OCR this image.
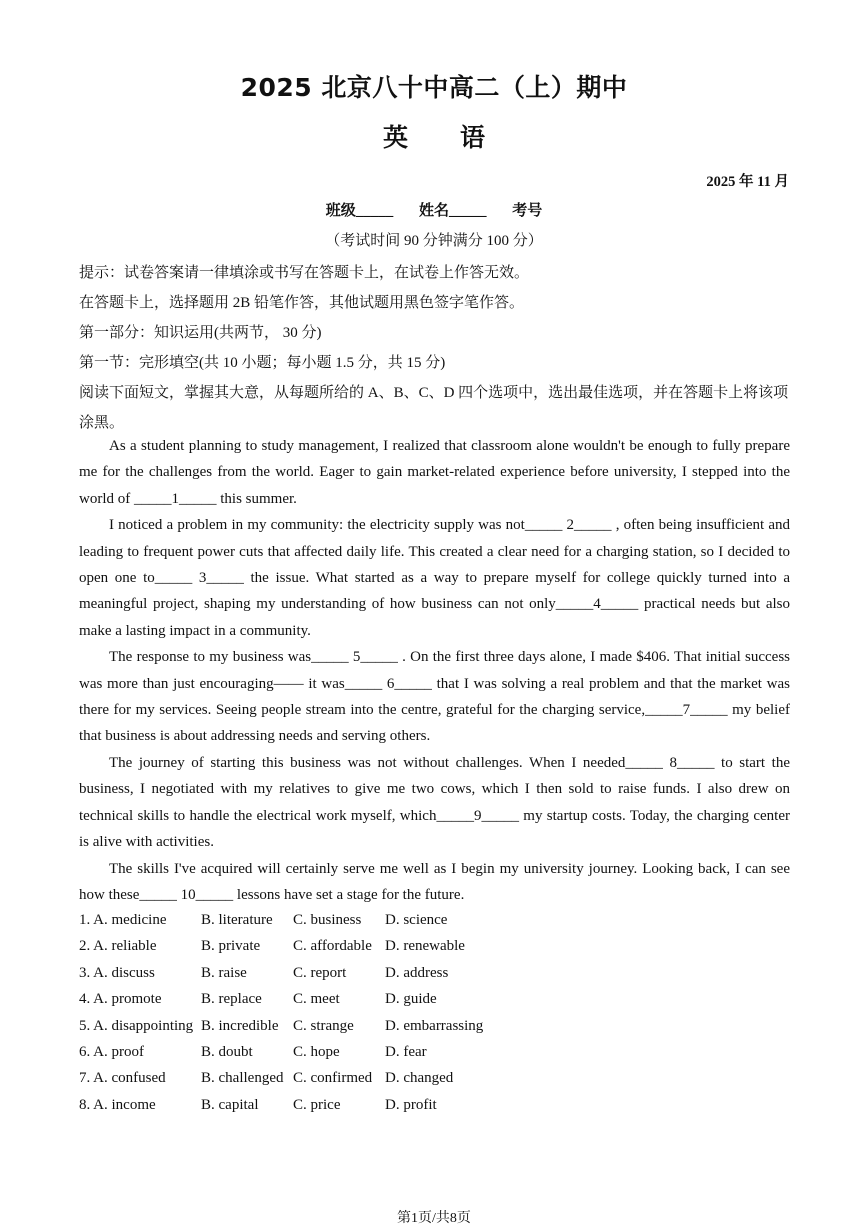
2025 北京八十中高二（上）期中
英语
2025 年 11 月
班级_____ 姓名_____ 考号
（考试时间 90 分钟满分 100 分）

提示：试卷答案请一律填涂或书写在答题卡上，在试卷上作答无效。

在答题卡上，选择题用 2B 铅笔作答，其他试题用黑色签字笔作答。

第一部分：知识运用(共两节， 30 分)

第一节：完形填空(共 10 小题；每小题 1.5 分，共 15 分)

阅读下面短文，掌握其大意，从每题所给的 A、B、C、D 四个选项中，选出最佳选项，并在答题卡上将该项涂黑。

As a student planning to study management, I realized that classroom alone wouldn't be enough to fully prepare me for the challenges from the world. Eager to gain market-related experience before university, I stepped into the world of _____1_____ this summer.

I noticed a problem in my community: the electricity supply was not_____ 2_____ , often being insufficient and leading to frequent power cuts that affected daily life. This created a clear need for a charging station, so I decided to open one to_____ 3_____ the issue. What started as a way to prepare myself for college quickly turned into a meaningful project, shaping my understanding of how business can not only_____4_____ practical needs but also make a lasting impact in a community.

The response to my business was_____ 5_____ . On the first three days alone, I made $406. That initial success was more than just encouraging—— it was_____ 6_____ that I was solving a real problem and that the market was there for my services. Seeing people stream into the centre, grateful for the charging service,_____7_____ my belief that business is about addressing needs and serving others.

The journey of starting this business was not without challenges. When I needed_____ 8_____ to start the business, I negotiated with my relatives to give me two cows, which I then sold to raise funds. I also drew on technical skills to handle the electrical work myself, which_____9_____ my startup costs. Today, the charging center is alive with activities.

The skills I've acquired will certainly serve me well as I begin my university journey. Looking back, I can see how these_____ 10_____ lessons have set a stage for the future.

1. A. medicine	B. literature	C. business	D. science
2. A. reliable	B. private	C. affordable D. renewable
3. A. discuss	B. raise	C. report	D. address
4. A. promote	B. replace	C. meet	D. guide
5. A. disappointing B. incredible C. strange	D. embarrassing
6. A. proof	B. doubt	C. hope	D. fear
7. A. confused	B. challenged C. confirmed D. changed
8. A. income	B. capital	C. price	D. profit
第1页/共8页
